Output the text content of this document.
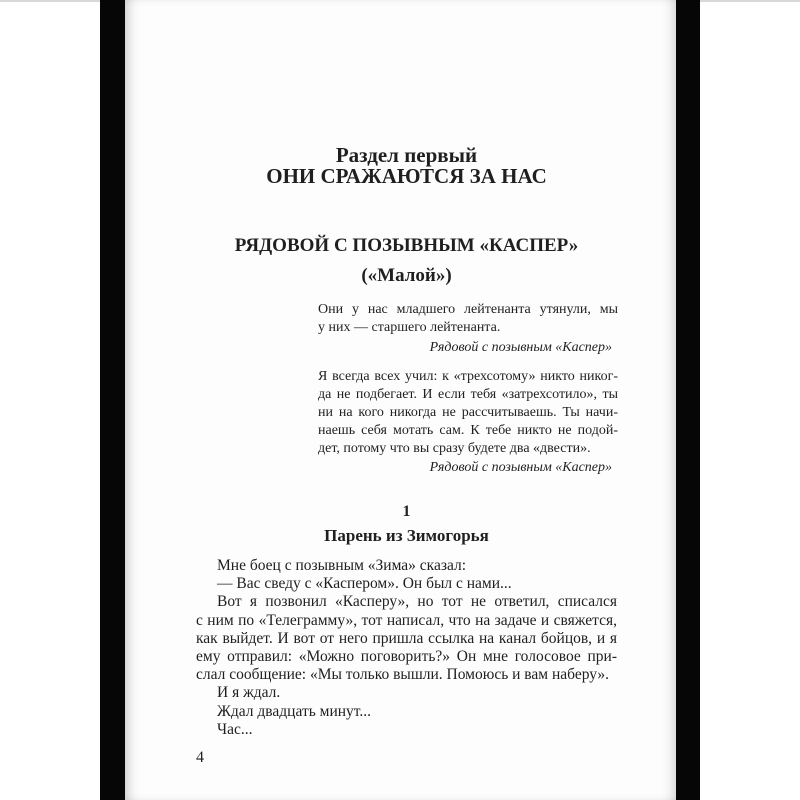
Раздел первый
ОНИ СРАЖАЮТСЯ ЗА НАС
РЯДОВОЙ С ПОЗЫВНЫМ «КАСПЕР»
(«Малой»)
Они у нас младшего лейтенанта утянули, мы
у них — старшего лейтенанта.
Рядовой с позывным «Каспер»
Я всегда всех учил: к «трехсотому» никто никог-
да не подбегает. И если тебя «затрехсотило», ты
ни на кого никогда не рассчитываешь. Ты начи-
наешь себя мотать сам. К тебе никто не подой-
дет, потому что вы сразу будете два «двести».
Рядовой с позывным «Каспер»
1
Парень из Зимогорья
Мне боец с позывным «Зима» сказал:
— Вас сведу с «Каспером». Он был с нами...
Вот я позвонил «Касперу», но тот не ответил, списался
с ним по «Телеграмму», тот написал, что на задаче и свяжется,
как выйдет. И вот от него пришла ссылка на канал бойцов, и я
ему отправил: «Можно поговорить?» Он мне голосовое при-
слал сообщение: «Мы только вышли. Помоюсь и вам наберу».
И я ждал.
Ждал двадцать минут...
Час...
4
